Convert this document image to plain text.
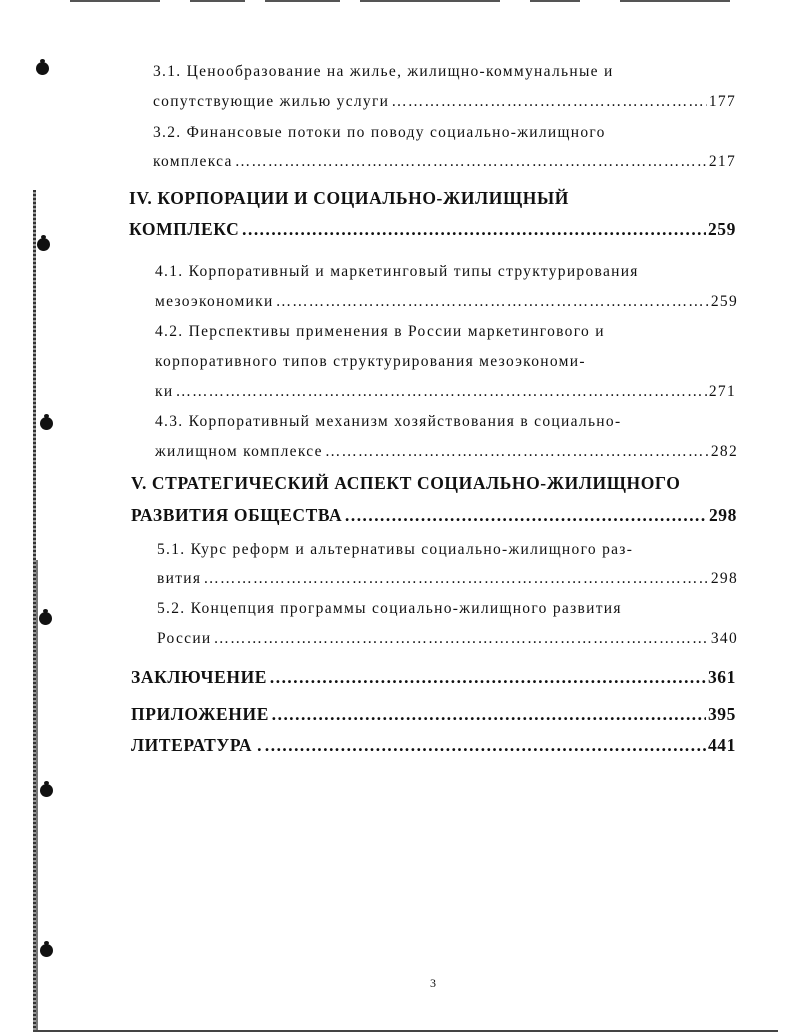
3.1. Ценообразование на жилье, жилищно-коммунальные и
сопутствующие жилью услуги ……………………………………………………………………………………………………………………………………………………………………………………………………	177
3.2. Финансовые потоки по поводу социально-жилищного
комплекса ……………………………………………………………………………………………………………………………………………………………………………………………………	217
IV. КОРПОРАЦИИ И СОЦИАЛЬНО-ЖИЛИЩНЫЙ
КОМПЛЕКС ……………………………………………………………………………………………………………………………………………………………………………………………………	259
4.1. Корпоративный и маркетинговый типы структурирования
мезоэкономики ……………………………………………………………………………………………………………………………………………………………………………………………………	259
4.2. Перспективы применения в России маркетингового и
корпоративного типов структурирования мезоэкономи-
ки ……………………………………………………………………………………………………………………………………………………………………………………………………	271
4.3. Корпоративный механизм хозяйствования в социально-
жилищном комплексе ……………………………………………………………………………………………………………………………………………………………………………………………………	282
V. СТРАТЕГИЧЕСКИЙ АСПЕКТ СОЦИАЛЬНО-ЖИЛИЩНОГО
РАЗВИТИЯ ОБЩЕСТВА ……………………………………………………………………………………………………………………………………………………………………………………………………	298
5.1. Курс реформ и альтернативы социально-жилищного раз-
вития ……………………………………………………………………………………………………………………………………………………………………………………………………	298
5.2. Концепция программы социально-жилищного развития
России ……………………………………………………………………………………………………………………………………………………………………………………………………	340
ЗАКЛЮЧЕНИЕ ……………………………………………………………………………………………………………………………………………………………………………………………………	361
ПРИЛОЖЕНИЕ ……………………………………………………………………………………………………………………………………………………………………………………………………	395
ЛИТЕРАТУРА . ……………………………………………………………………………………………………………………………………………………………………………………………………	441
3
